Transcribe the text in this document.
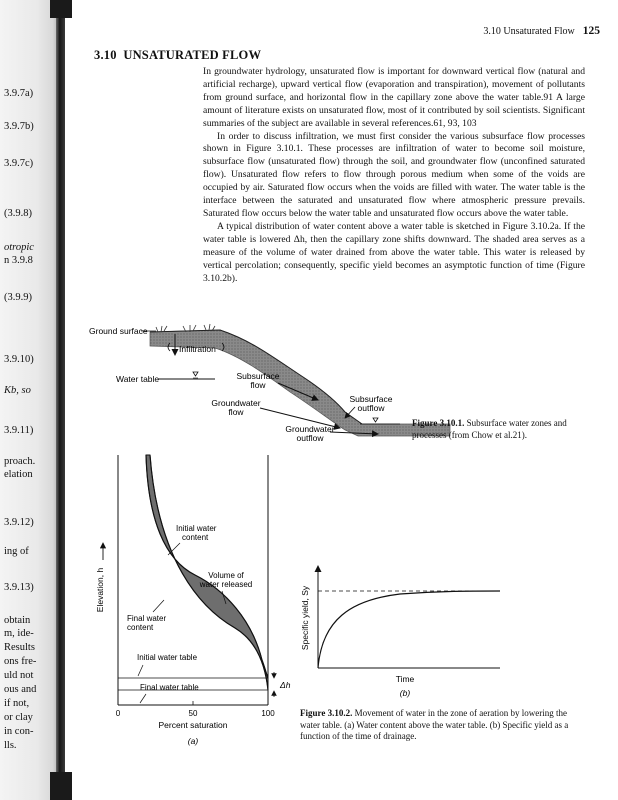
3.9.7a)
3.9.7b)
3.9.7c)
(3.9.8)
otropic
n 3.9.8
(3.9.9)
3.9.10)
Kb, so
3.9.11)
proach.
elation
3.9.12)
ing of
3.9.13)
obtain
m, ide-
Results
ons fre-
uld not
ous and
if not,
or clay
in con-
lls.
3.10 Unsaturated Flow 125
3.10 UNSATURATED FLOW

In groundwater hydrology, unsaturated flow is important for downward vertical flow (natural and artificial recharge), upward vertical flow (evaporation and transpiration), movement of pollutants from ground surface, and horizontal flow in the capillary zone above the water table.91 A large amount of literature exists on unsaturated flow, most of it contributed by soil scientists. Significant summaries of the subject are available in several references.61, 93, 103

In order to discuss infiltration, we must first consider the various subsurface flow processes shown in Figure 3.10.1. These processes are infiltration of water to become soil moisture, subsurface flow (unsaturated flow) through the soil, and groundwater flow (unconfined saturated flow). Unsaturated flow refers to flow through porous medium when some of the voids are occupied by air. Saturated flow occurs when the voids are filled with water. The water table is the interface between the saturated and unsaturated flow where atmospheric pressure prevails. Saturated flow occurs below the water table and unsaturated flow occurs above the water table.

A typical distribution of water content above a water table is sketched in Figure 3.10.2a. If the water table is lowered Δh, then the capillary zone shifts downward. The shaded area serves as a measure of the volume of water drained from above the water table. This water is released by vertical percolation; consequently, specific yield becomes an asymptotic function of time (Figure 3.10.2b).

Ground surface
Infiltration
Water table	Subsurface flow
Groundwater flow
Subsurface outflow
Groundwater outflow
0	50	100
Percent saturation
(a)
Elevation, h
Initial water content
Volume of water released
Final water content
Initial water table
Final water table	Δh
Specific yield, Sy
Time
(b)
Figure 3.10.1. Subsurface water zones and processes (from Chow et al.21).
Figure 3.10.2. Movement of water in the zone of aeration by lowering the water table. (a) Water content above the water table. (b) Specific yield as a function of the time of drainage.
